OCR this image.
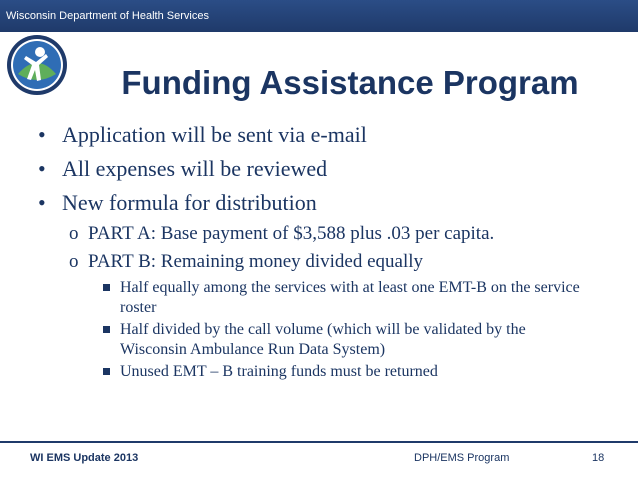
Wisconsin Department of Health Services
Funding Assistance Program
• Application will be sent via e-mail
• All expenses will be reviewed
• New formula for distribution
o PART A: Base payment of $3,588 plus .03 per capita.
o PART B: Remaining money divided equally
Half equally among the services with at least one EMT-B on the service roster
Half divided by the call volume (which will be validated by the Wisconsin Ambulance Run Data System)
Unused EMT – B training funds must be returned
WI EMS Update 2013	DPH/EMS Program	18
